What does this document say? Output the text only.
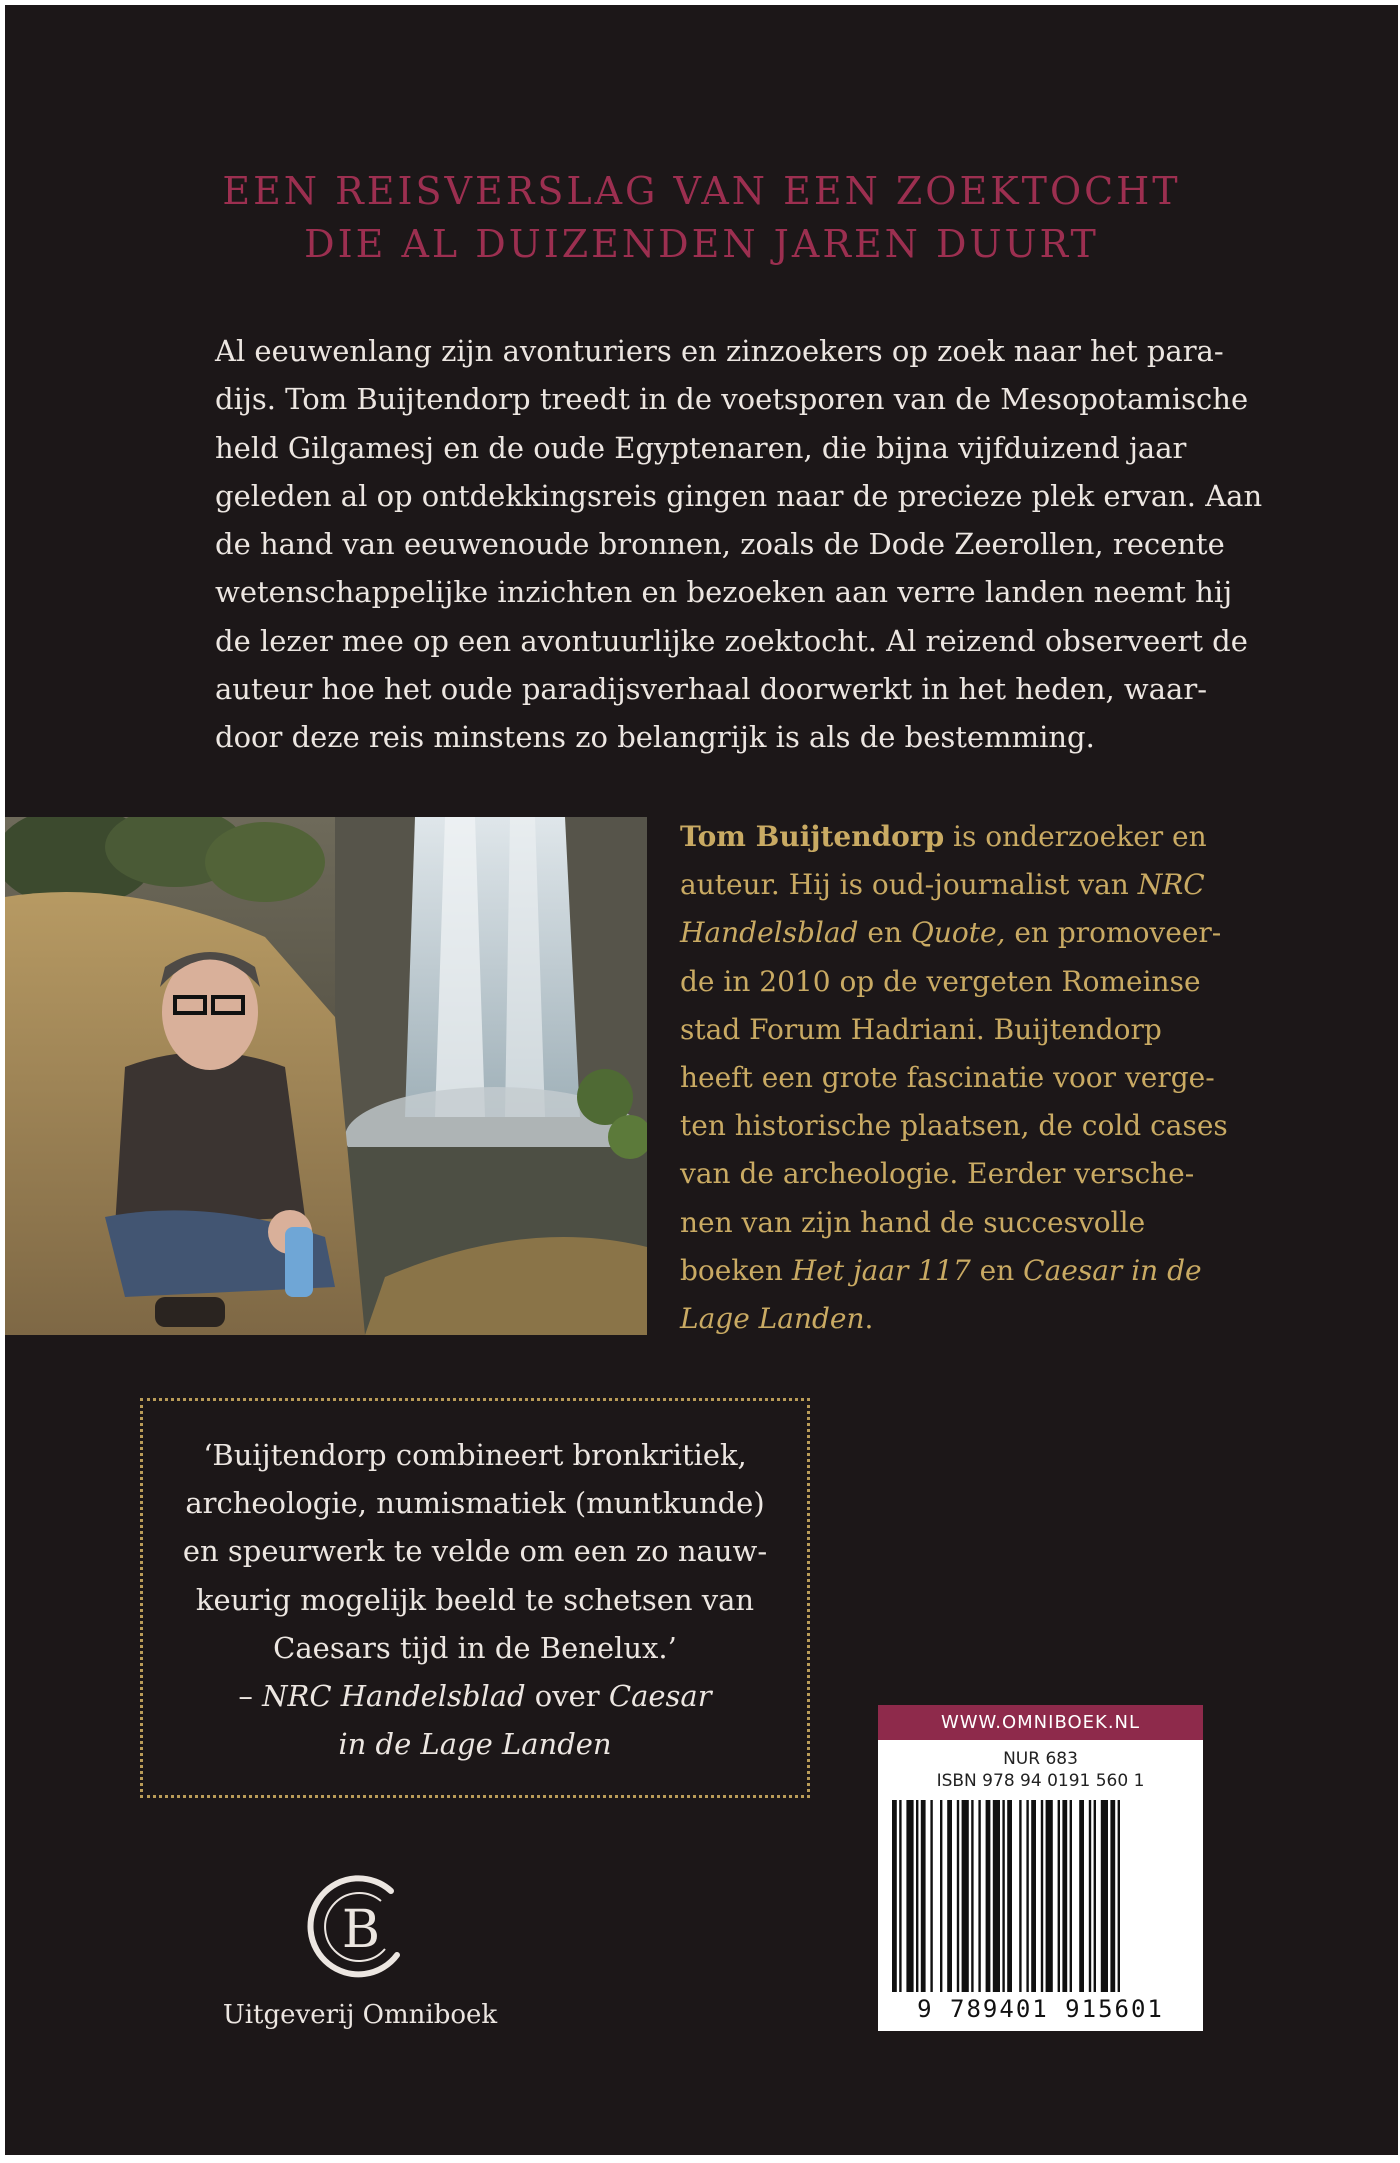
EEN REISVERSLAG VAN EEN ZOEKTOCHT
DIE AL DUIZENDEN JAREN DUURT
Al eeuwenlang zijn avonturiers en zinzoekers op zoek naar het para-
dijs. Tom Buijtendorp treedt in de voetsporen van de Mesopotamische
held Gilgamesj en de oude Egyptenaren, die bijna vijfduizend jaar
geleden al op ontdekkingsreis gingen naar de precieze plek ervan. Aan
de hand van eeuwenoude bronnen, zoals de Dode Zeerollen, recente
wetenschappelijke inzichten en bezoeken aan verre landen neemt hij
de lezer mee op een avontuurlijke zoektocht. Al reizend observeert de
auteur hoe het oude paradijsverhaal doorwerkt in het heden, waar-
door deze reis minstens zo belangrijk is als de bestemming.
Tom Buijtendorp is onderzoeker en
auteur. Hij is oud-journalist van NRC
Handelsblad en Quote, en promoveer-
de in 2010 op de vergeten Romeinse
stad Forum Hadriani. Buijtendorp
heeft een grote fascinatie voor verge-
ten historische plaatsen, de cold cases
van de archeologie. Eerder versche-
nen van zijn hand de succesvolle
boeken Het jaar 117 en Caesar in de
Lage Landen.
‘Buijtendorp combineert bronkritiek,
archeologie, numismatiek (muntkunde)
en speurwerk te velde om een zo nauw-
keurig mogelijk beeld te schetsen van
Caesars tijd in de Benelux.’
– NRC Handelsblad over Caesar
in de Lage Landen
B
Uitgeverij Omniboek
WWW.OMNIBOEK.NL
NUR 683
ISBN 978 94 0191 560 1
9 789401 915601
